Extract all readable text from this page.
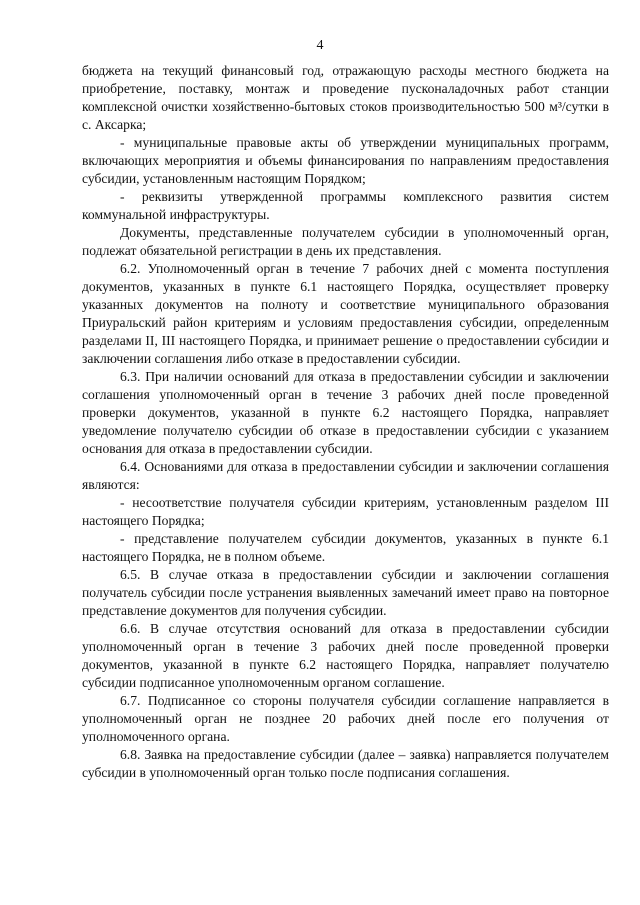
4

бюджета на текущий финансовый год, отражающую расходы местного бюджета на приобретение, поставку, монтаж и проведение пусконаладочных работ станции комплексной очистки хозяйственно-бытовых стоков производительностью 500 м³/сутки в с. Аксарка;

- муниципальные правовые акты об утверждении муниципальных программ, включающих мероприятия и объемы финансирования по направлениям предоставления субсидии, установленным настоящим Порядком;

- реквизиты утвержденной программы комплексного развития систем коммунальной инфраструктуры.

Документы, представленные получателем субсидии в уполномоченный орган, подлежат обязательной регистрации в день их представления.

6.2. Уполномоченный орган в течение 7 рабочих дней с момента поступления документов, указанных в пункте 6.1 настоящего Порядка, осуществляет проверку указанных документов на полноту и соответствие муниципального образования Приуральский район критериям и условиям предоставления субсидии, определенным разделами II, III настоящего Порядка, и принимает решение о предоставлении субсидии и заключении соглашения либо отказе в предоставлении субсидии.

6.3. При наличии оснований для отказа в предоставлении субсидии и заключении соглашения уполномоченный орган в течение 3 рабочих дней после проведенной проверки документов, указанной в пункте 6.2 настоящего Порядка, направляет уведомление получателю субсидии об отказе в предоставлении субсидии с указанием основания для отказа в предоставлении субсидии.

6.4. Основаниями для отказа в предоставлении субсидии и заключении соглашения являются:

- несоответствие получателя субсидии критериям, установленным разделом III настоящего Порядка;

- представление получателем субсидии документов, указанных в пункте 6.1 настоящего Порядка, не в полном объеме.

6.5. В случае отказа в предоставлении субсидии и заключении соглашения получатель субсидии после устранения выявленных замечаний имеет право на повторное представление документов для получения субсидии.

6.6. В случае отсутствия оснований для отказа в предоставлении субсидии уполномоченный орган в течение 3 рабочих дней после проведенной проверки документов, указанной в пункте 6.2 настоящего Порядка, направляет получателю субсидии подписанное уполномоченным органом соглашение.

6.7. Подписанное со стороны получателя субсидии соглашение направляется в уполномоченный орган не позднее 20 рабочих дней после его получения от уполномоченного органа.

6.8. Заявка на предоставление субсидии (далее – заявка) направляется получателем субсидии в уполномоченный орган только после подписания соглашения.
